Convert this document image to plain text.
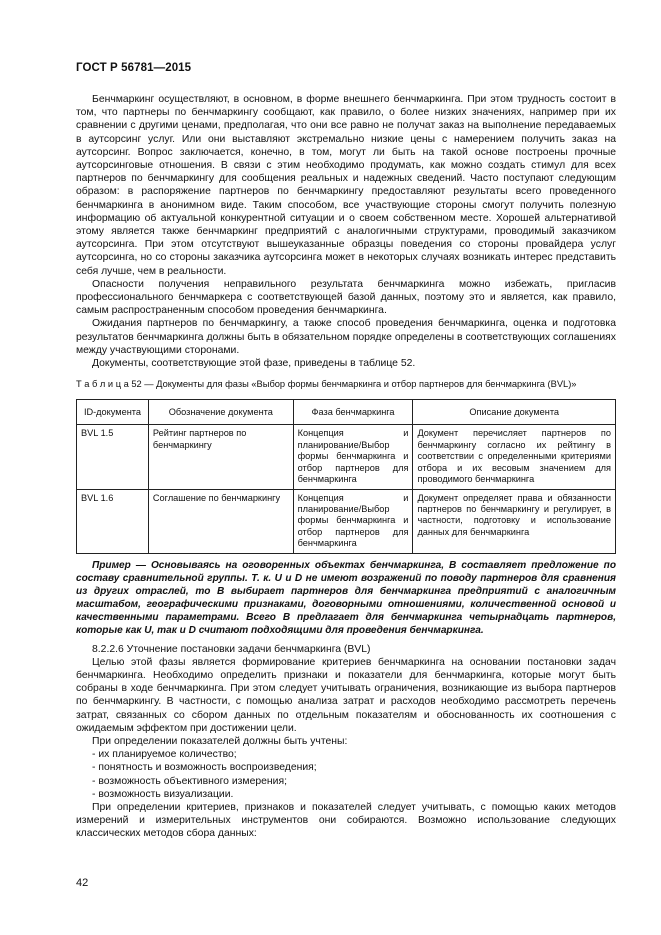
ГОСТ Р 56781—2015

Бенчмаркинг осуществляют, в основном, в форме внешнего бенчмаркинга. При этом трудность состоит в том, что партнеры по бенчмаркингу сообщают, как правило, о более низких значениях, например при их сравнении с другими ценами, предполагая, что они все равно не получат заказ на выполнение передаваемых в аутсорсинг услуг. Или они выставляют экстремально низкие цены с намерением получить заказ на аутсорсинг. Вопрос заключается, конечно, в том, могут ли быть на такой основе построены прочные аутсорсинговые отношения. В связи с этим необходимо продумать, как можно создать стимул для всех партнеров по бенчмаркингу для сообщения реальных и надежных сведений. Часто поступают следующим образом: в распоряжение партнеров по бенчмаркингу предоставляют результаты всего проведенного бенчмаркинга в анонимном виде. Таким способом, все участвующие стороны смогут получить полезную информацию об актуальной конкурентной ситуации и о своем собственном месте. Хорошей альтернативой этому является также бенчмаркинг предприятий с аналогичными структурами, проводимый заказчиком аутсорсинга. При этом отсутствуют вышеуказанные образцы поведения со стороны провайдера услуг аутсорсинга, но со стороны заказчика аутсорсинга может в некоторых случаях возникать интерес представить себя лучше, чем в реальности.

Опасности получения неправильного результата бенчмаркинга можно избежать, пригласив профессионального бенчмаркера с соответствующей базой данных, поэтому это и является, как правило, самым распространенным способом проведения бенчмаркинга.

Ожидания партнеров по бенчмаркингу, а также способ проведения бенчмаркинга, оценка и подготовка результатов бенчмаркинга должны быть в обязательном порядке определены в соответствующих соглашениях между участвующими сторонами.

Документы, соответствующие этой фазе, приведены в таблице 52.

Т а б л и ц а 52 — Документы для фазы «Выбор формы бенчмаркинга и отбор партнеров для бенчмаркинга (BVL)»

ID-документа	Обозначение документа	Фаза бенчмаркинга	Описание документа
BVL 1.5	Рейтинг партнеров по бенчмаркингу	Концепция и планирование/Выбор формы бенчмаркинга и отбор партнеров для бенчмаркинга	Документ перечисляет партнеров по бенчмаркингу согласно их рейтингу в соответствии с определенными критериями отбора и их весовым значением для проводимого бенчмаркинга
BVL 1.6	Соглашение по бенчмаркингу	Концепция и планирование/Выбор формы бенчмаркинга и отбор партнеров для бенчмаркинга	Документ определяет права и обязанности партнеров по бенчмаркингу и регулирует, в частности, подготовку и использование данных для бенчмаркинга

Пример — Основываясь на оговоренных объектах бенчмаркинга, B составляет предложение по составу сравнительной группы. Т. к. U и D не имеют возражений по поводу партнеров для сравнения из других отраслей, то B выбирает партнеров для бенчмаркинга предприятий с аналогичным масштабом, географическими признаками, договорными отношениями, количественной основой и качественными параметрами. Всего B предлагает для бенчмаркинга четырнадцать партнеров, которые как U, так и D считают подходящими для проведения бенчмаркинга.

8.2.2.6 Уточнение постановки задачи бенчмаркинга (BVL)

Целью этой фазы является формирование критериев бенчмаркинга на основании постановки задач бенчмаркинга. Необходимо определить признаки и показатели для бенчмаркинга, которые могут быть собраны в ходе бенчмаркинга. При этом следует учитывать ограничения, возникающие из выбора партнеров по бенчмаркингу. В частности, с помощью анализа затрат и расходов необходимо рассмотреть перечень затрат, связанных со сбором данных по отдельным показателям и обоснованность их соотношения с ожидаемым эффектом при достижении цели.

При определении показателей должны быть учтены:

- их планируемое количество;

- понятность и возможность воспроизведения;

- возможность объективного измерения;

- возможность визуализации.

При определении критериев, признаков и показателей следует учитывать, с помощью каких методов измерений и измерительных инструментов они собираются. Возможно использование следующих классических методов сбора данных:

42
